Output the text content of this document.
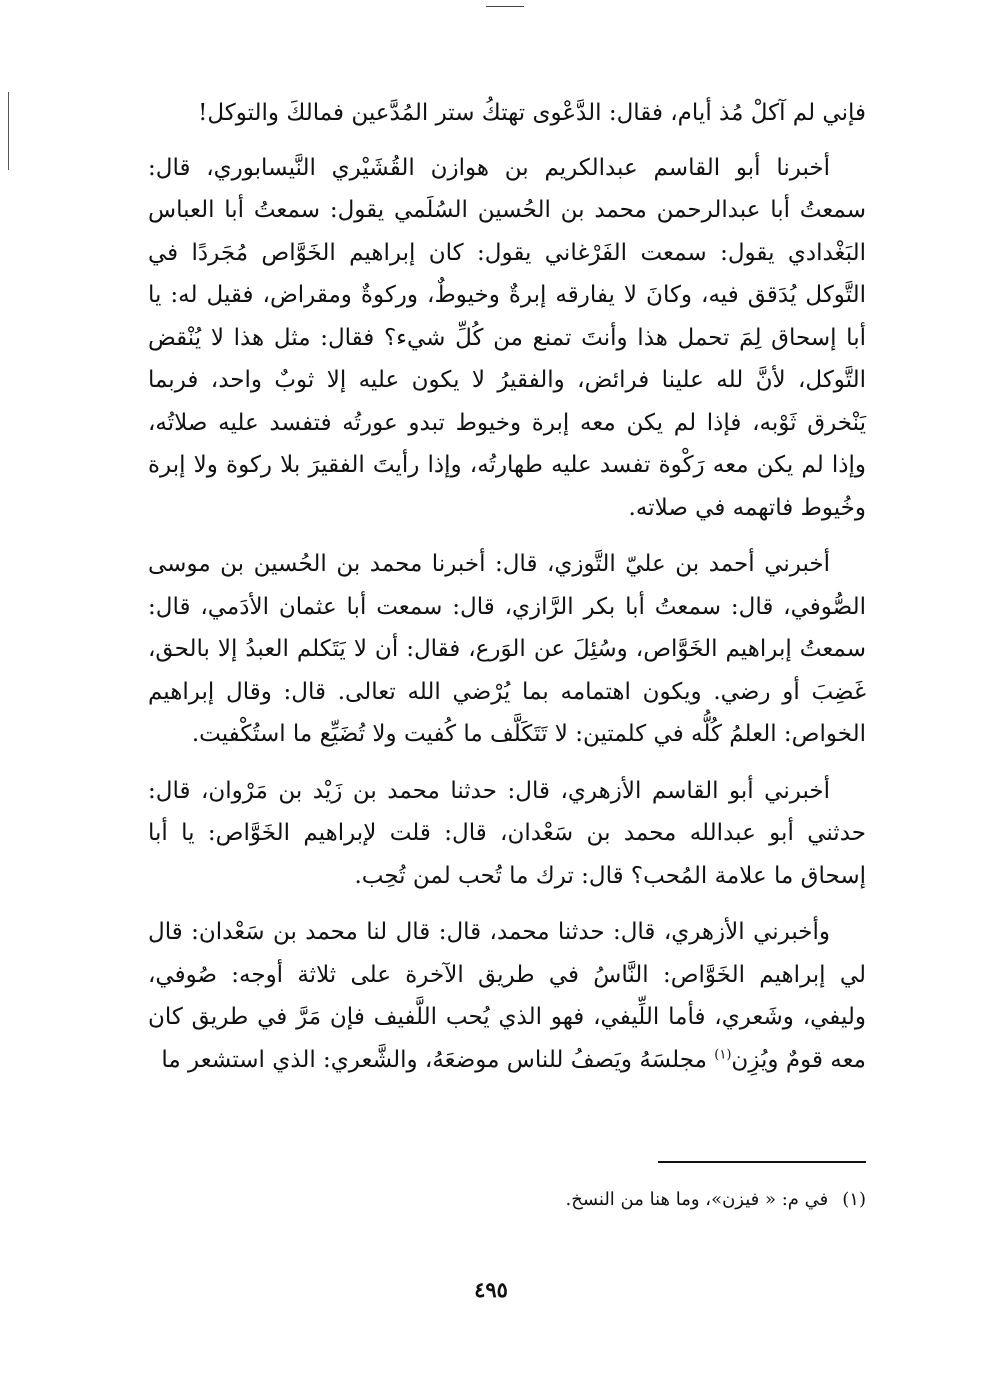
فإني لم آكلْ مُذ أيام، فقال: الدَّعْوى تهتكُ ستر المُدَّعين فمالكَ والتوكل!

أخبرنا أبو القاسم عبدالكريم بن هوازن القُشَيْري النَّيسابوري، قال: سمعتُ أبا عبدالرحمن محمد بن الحُسين السُلَمي يقول: سمعتُ أبا العباس البَغْدادي يقول: سمعت الفَرْغاني يقول: كان إبراهيم الخَوَّاص مُجَردًا في التَّوكل يُدَقق فيه، وكانَ لا يفارقه إبرةٌ وخيوطٌ، وركوةٌ ومقراض، فقيل له: يا أبا إسحاق لِمَ تحمل هذا وأنتَ تمنع من كُلِّ شيء؟ فقال: مثل هذا لا يُنْقض التَّوكل، لأنَّ لله علينا فرائض، والفقيرُ لا يكون عليه إلا ثوبٌ واحد، فربما يَنْخرق ثَوْبه، فإذا لم يكن معه إبرة وخيوط تبدو عورتُه فتفسد عليه صلاتُه، وإذا لم يكن معه رَكْوة تفسد عليه طهارتُه، وإذا رأيتَ الفقيرَ بلا ركوة ولا إبرة وخُيوط فاتهمه في صلاته.

أخبرني أحمد بن عليّ التَّوزي، قال: أخبرنا محمد بن الحُسين بن موسى الصُّوفي، قال: سمعتُ أبا بكر الرَّازي، قال: سمعت أبا عثمان الأدَمي، قال: سمعتُ إبراهيم الخَوَّاص، وسُئِلَ عن الوَرع، فقال: أن لا يَتَكلم العبدُ إلا بالحق، غَضِبَ أو رضي. ويكون اهتمامه بما يُرْضي الله تعالى. قال: وقال إبراهيم الخواص: العلمُ كُلُّه في كلمتين: لا تَتَكَلَّف ما كُفيت ولا تُضَيِّع ما استُكْفيت.

أخبرني أبو القاسم الأزهري، قال: حدثنا محمد بن زَيْد بن مَرْوان، قال: حدثني أبو عبدالله محمد بن سَعْدان، قال: قلت لإبراهيم الخَوَّاص: يا أبا إسحاق ما علامة المُحب؟ قال: ترك ما تُحب لمن تُحِب.

وأخبرني الأزهري، قال: حدثنا محمد، قال: قال لنا محمد بن سَعْدان: قال لي إبراهيم الخَوَّاص: النَّاسُ في طريق الآخرة على ثلاثة أوجه: صُوفي، وليفي، وشَعري، فأما اللِّيفي، فهو الذي يُحب اللَّفيف فإن مَرَّ في طريق كان معه قومٌ ويُزِن$^{(١)}$ مجلسَهُ ويَصفُ للناس موضعَهُ، والشَّعري: الذي استشعر ما

(١)في م: « فيزن»، وما هنا من النسخ.
٤٩٥
